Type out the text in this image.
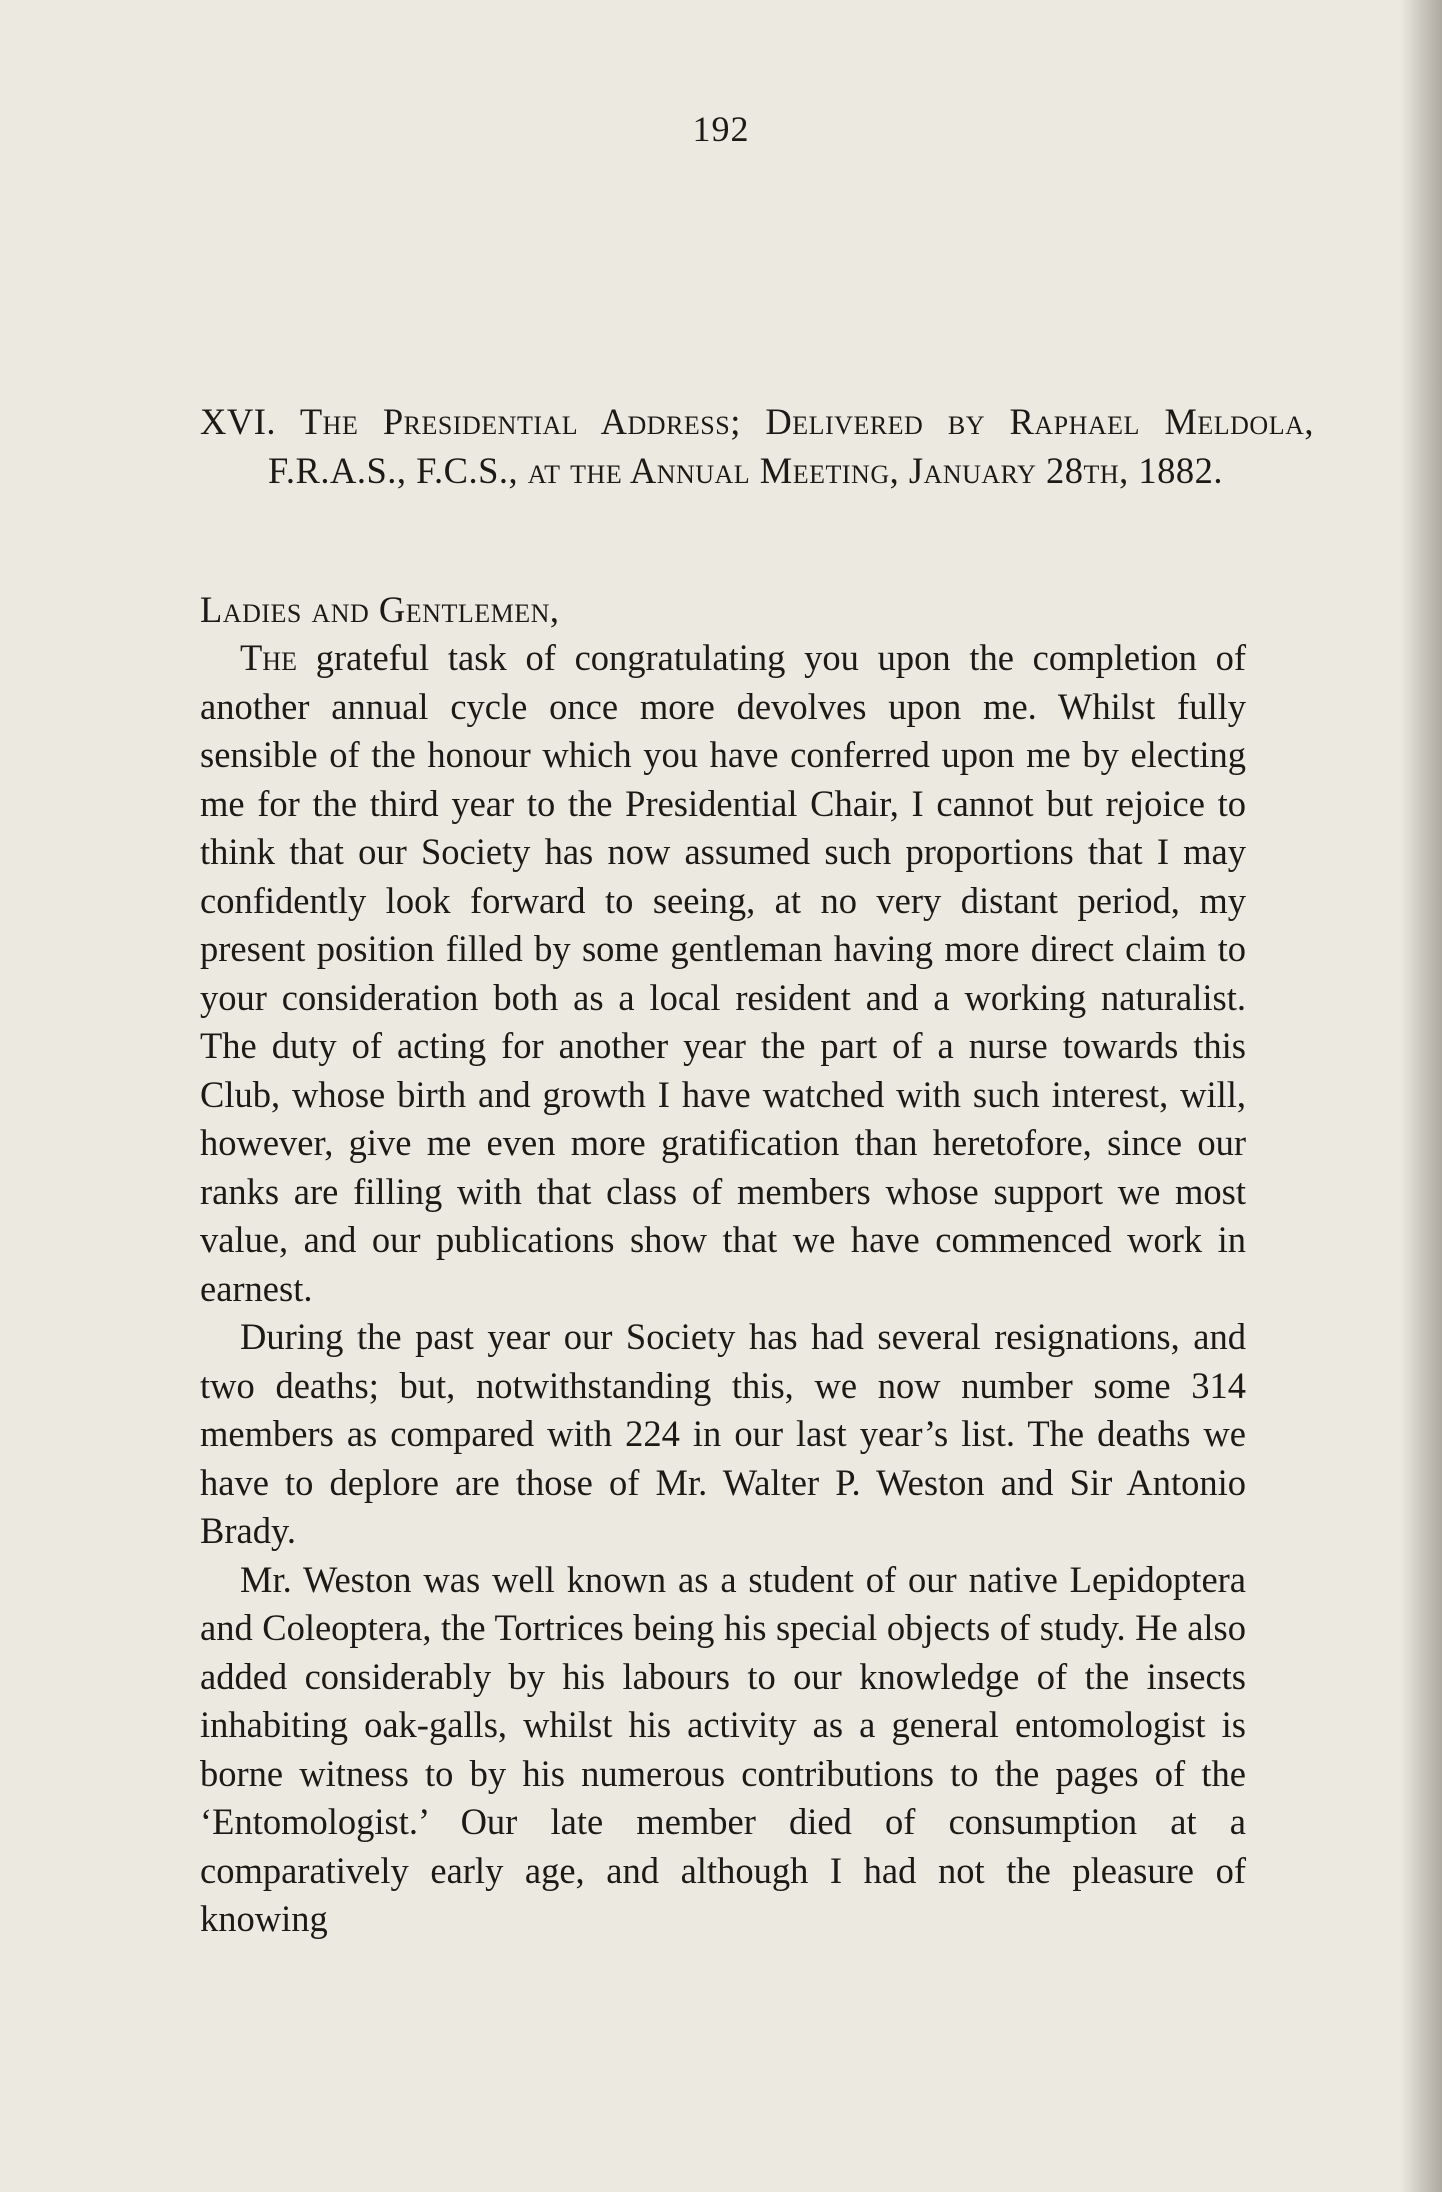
192
XVI. The Presidential Address; Delivered by Raphael Meldola, F.R.A.S., F.C.S., at the Annual Meeting, January 28th, 1882.
Ladies and Gentlemen,

The grateful task of congratulating you upon the completion of another annual cycle once more devolves upon me. Whilst fully sensible of the honour which you have conferred upon me by electing me for the third year to the Presidential Chair, I cannot but rejoice to think that our Society has now assumed such proportions that I may confidently look forward to seeing, at no very distant period, my present position filled by some gentleman having more direct claim to your consideration both as a local resident and a working naturalist. The duty of acting for another year the part of a nurse towards this Club, whose birth and growth I have watched with such interest, will, however, give me even more gratification than heretofore, since our ranks are filling with that class of members whose support we most value, and our publications show that we have commenced work in earnest.

During the past year our Society has had several resignations, and two deaths; but, notwithstanding this, we now number some 314 members as compared with 224 in our last year’s list. The deaths we have to deplore are those of Mr. Walter P. Weston and Sir Antonio Brady.

Mr. Weston was well known as a student of our native Lepidoptera and Coleoptera, the Tortrices being his special objects of study. He also added considerably by his labours to our knowledge of the insects inhabiting oak-galls, whilst his activity as a general entomologist is borne witness to by his numerous contributions to the pages of the ‘Entomologist.’ Our late member died of consumption at a comparatively early age, and although I had not the pleasure of knowing
